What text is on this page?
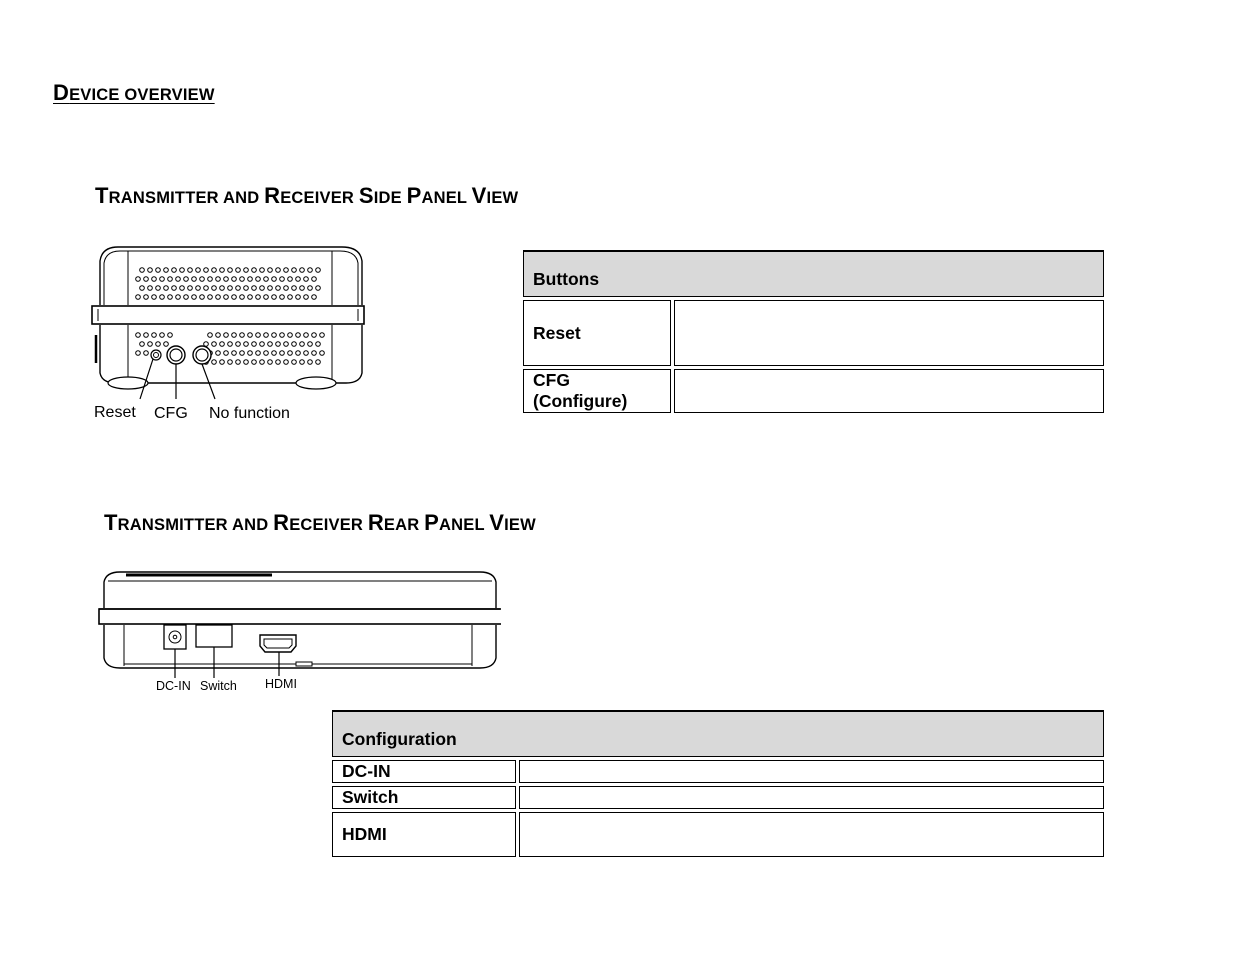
DEVICE OVERVIEW
TRANSMITTER AND RECEIVER SIDE PANEL VIEW
Reset CFG No function
Buttons	
Reset	
CFG
(Configure)	
TRANSMITTER AND RECEIVER REAR PANEL VIEW
DC-IN Switch HDMI
Configuration	
DC-IN	
Switch	
HDMI	
